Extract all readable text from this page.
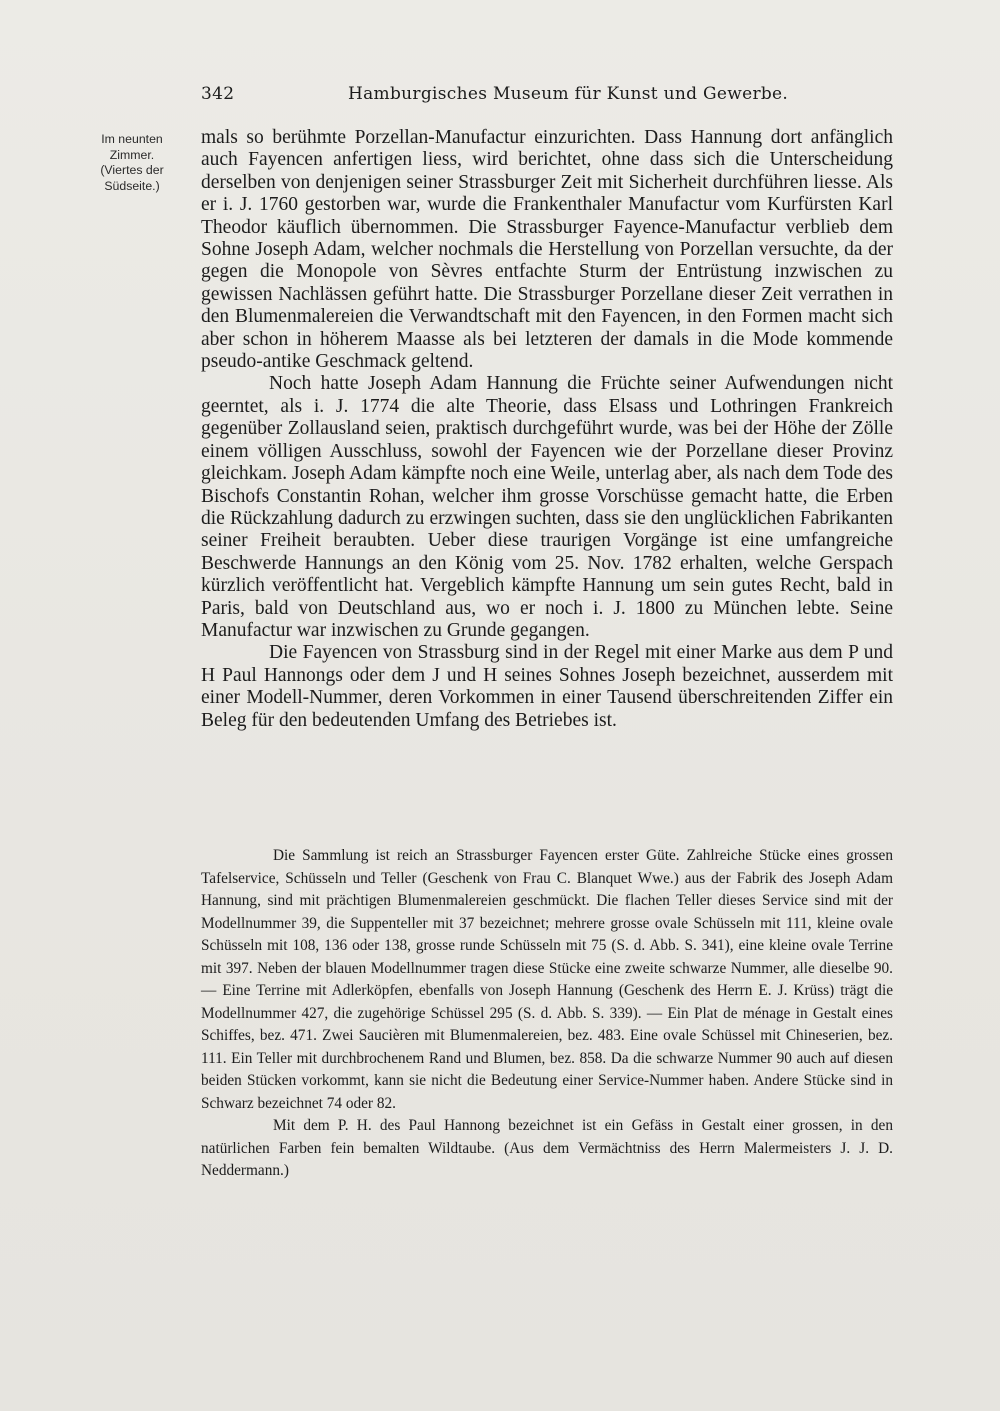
342	Hamburgisches Museum für Kunst und Gewerbe.
Im neunten
Zimmer.
(Viertes der
Südseite.)

mals so berühmte Porzellan-Manufactur einzurichten. Dass Hannung dort anfänglich auch Fayencen anfertigen liess, wird berichtet, ohne dass sich die Unterscheidung derselben von denjenigen seiner Strassburger Zeit mit Sicherheit durchführen liesse. Als er i. J. 1760 gestorben war, wurde die Frankenthaler Manufactur vom Kurfürsten Karl Theodor käuflich übernommen. Die Strassburger Fayence-Manufactur verblieb dem Sohne Joseph Adam, welcher nochmals die Herstellung von Porzellan versuchte, da der gegen die Monopole von Sèvres entfachte Sturm der Entrüstung inzwischen zu gewissen Nachlässen geführt hatte. Die Strassburger Porzellane dieser Zeit verrathen in den Blumenmalereien die Verwandtschaft mit den Fayencen, in den Formen macht sich aber schon in höherem Maasse als bei letzteren der damals in die Mode kommende pseudo-antike Geschmack geltend.

Noch hatte Joseph Adam Hannung die Früchte seiner Aufwendungen nicht geerntet, als i. J. 1774 die alte Theorie, dass Elsass und Lothringen Frankreich gegenüber Zollausland seien, praktisch durchgeführt wurde, was bei der Höhe der Zölle einem völligen Ausschluss, sowohl der Fayencen wie der Porzellane dieser Provinz gleichkam. Joseph Adam kämpfte noch eine Weile, unterlag aber, als nach dem Tode des Bischofs Constantin Rohan, welcher ihm grosse Vorschüsse gemacht hatte, die Erben die Rückzahlung dadurch zu erzwingen suchten, dass sie den unglücklichen Fabrikanten seiner Freiheit beraubten. Ueber diese traurigen Vorgänge ist eine umfangreiche Beschwerde Hannungs an den König vom 25. Nov. 1782 erhalten, welche Gerspach kürzlich veröffentlicht hat. Vergeblich kämpfte Hannung um sein gutes Recht, bald in Paris, bald von Deutschland aus, wo er noch i. J. 1800 zu München lebte. Seine Manufactur war inzwischen zu Grunde gegangen.

Die Fayencen von Strassburg sind in der Regel mit einer Marke aus dem P und H Paul Hannongs oder dem J und H seines Sohnes Joseph bezeichnet, ausserdem mit einer Modell-Nummer, deren Vorkommen in einer Tausend überschreitenden Ziffer ein Beleg für den bedeutenden Umfang des Betriebes ist.

Die Sammlung ist reich an Strassburger Fayencen erster Güte. Zahlreiche Stücke eines grossen Tafelservice, Schüsseln und Teller (Geschenk von Frau C. Blanquet Wwe.) aus der Fabrik des Joseph Adam Hannung, sind mit prächtigen Blumenmalereien geschmückt. Die flachen Teller dieses Service sind mit der Modellnummer 39, die Suppenteller mit 37 bezeichnet; mehrere grosse ovale Schüsseln mit 111, kleine ovale Schüsseln mit 108, 136 oder 138, grosse runde Schüsseln mit 75 (S. d. Abb. S. 341), eine kleine ovale Terrine mit 397. Neben der blauen Modellnummer tragen diese Stücke eine zweite schwarze Nummer, alle dieselbe 90. — Eine Terrine mit Adlerköpfen, ebenfalls von Joseph Hannung (Geschenk des Herrn E. J. Krüss) trägt die Modellnummer 427, die zugehörige Schüssel 295 (S. d. Abb. S. 339). — Ein Plat de ménage in Gestalt eines Schiffes, bez. 471. Zwei Saucièren mit Blumenmalereien, bez. 483. Eine ovale Schüssel mit Chineserien, bez. 111. Ein Teller mit durchbrochenem Rand und Blumen, bez. 858. Da die schwarze Nummer 90 auch auf diesen beiden Stücken vorkommt, kann sie nicht die Bedeutung einer Service-Nummer haben. Andere Stücke sind in Schwarz bezeichnet 74 oder 82.

Mit dem P. H. des Paul Hannong bezeichnet ist ein Gefäss in Gestalt einer grossen, in den natürlichen Farben fein bemalten Wildtaube. (Aus dem Vermächtniss des Herrn Malermeisters J. J. D. Neddermann.)
